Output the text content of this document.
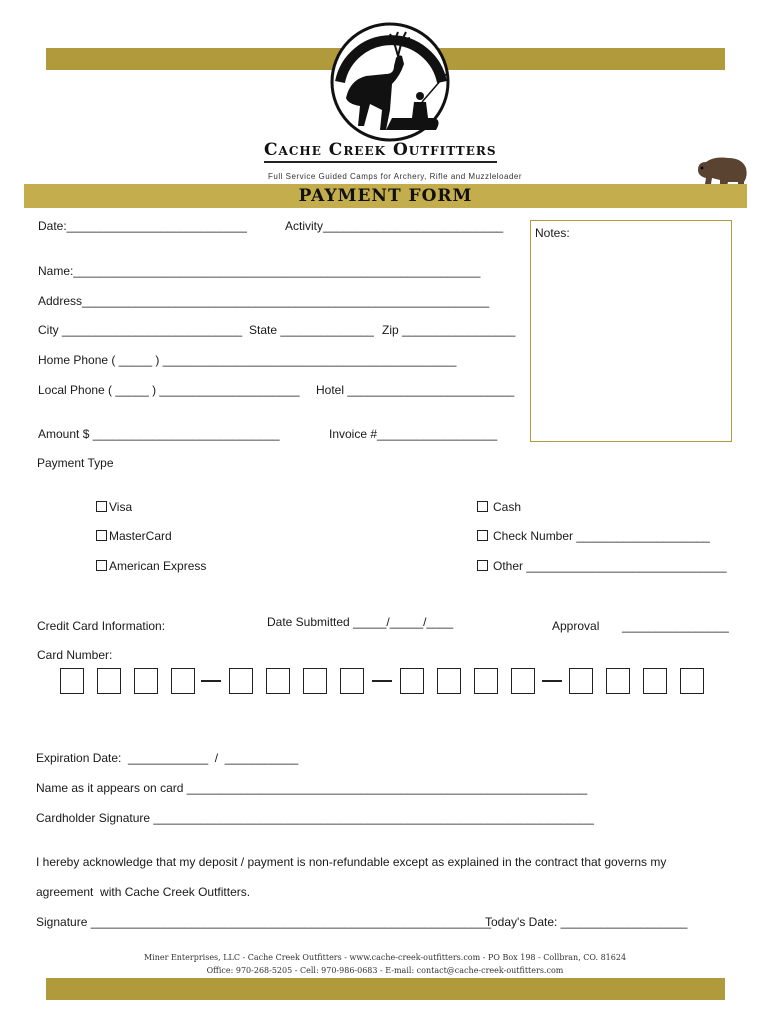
Cache Creek Outfitters
Full Service Guided Camps for Archery, Rifle and Muzzleloader
PAYMENT FORM
Notes:
Date:___________________________	Activity___________________________
Name:_____________________________________________________________
Address_____________________________________________________________
City ___________________________ State ______________ Zip _________________
Home Phone ( _____ ) ____________________________________________
Local Phone ( _____ ) _____________________ Hotel _________________________
Amount $ ____________________________	Invoice #__________________
Payment Type
Visa
MasterCard
American Express
Cash
Check Number ____________________
Other ______________________________
Credit Card Information:	Date Submitted _____/_____/____	Approval ________________
Card Number:
Expiration Date:  ____________  /  ___________
Name as it appears on card ____________________________________________________________
Cardholder Signature __________________________________________________________________
I hereby acknowledge that my deposit / payment is non-refundable except as explained in the contract that governs my
agreement  with Cache Creek Outfitters.
Signature ____________________________________________________________
Today's Date: ___________________
Miner Enterprises, LLC - Cache Creek Outfitters - www.cache-creek-outfitters.com - PO Box 198 - Collbran, CO. 81624
Office: 970-268-5205 - Cell: 970-986-0683 - E-mail: contact@cache-creek-outfitters.com
